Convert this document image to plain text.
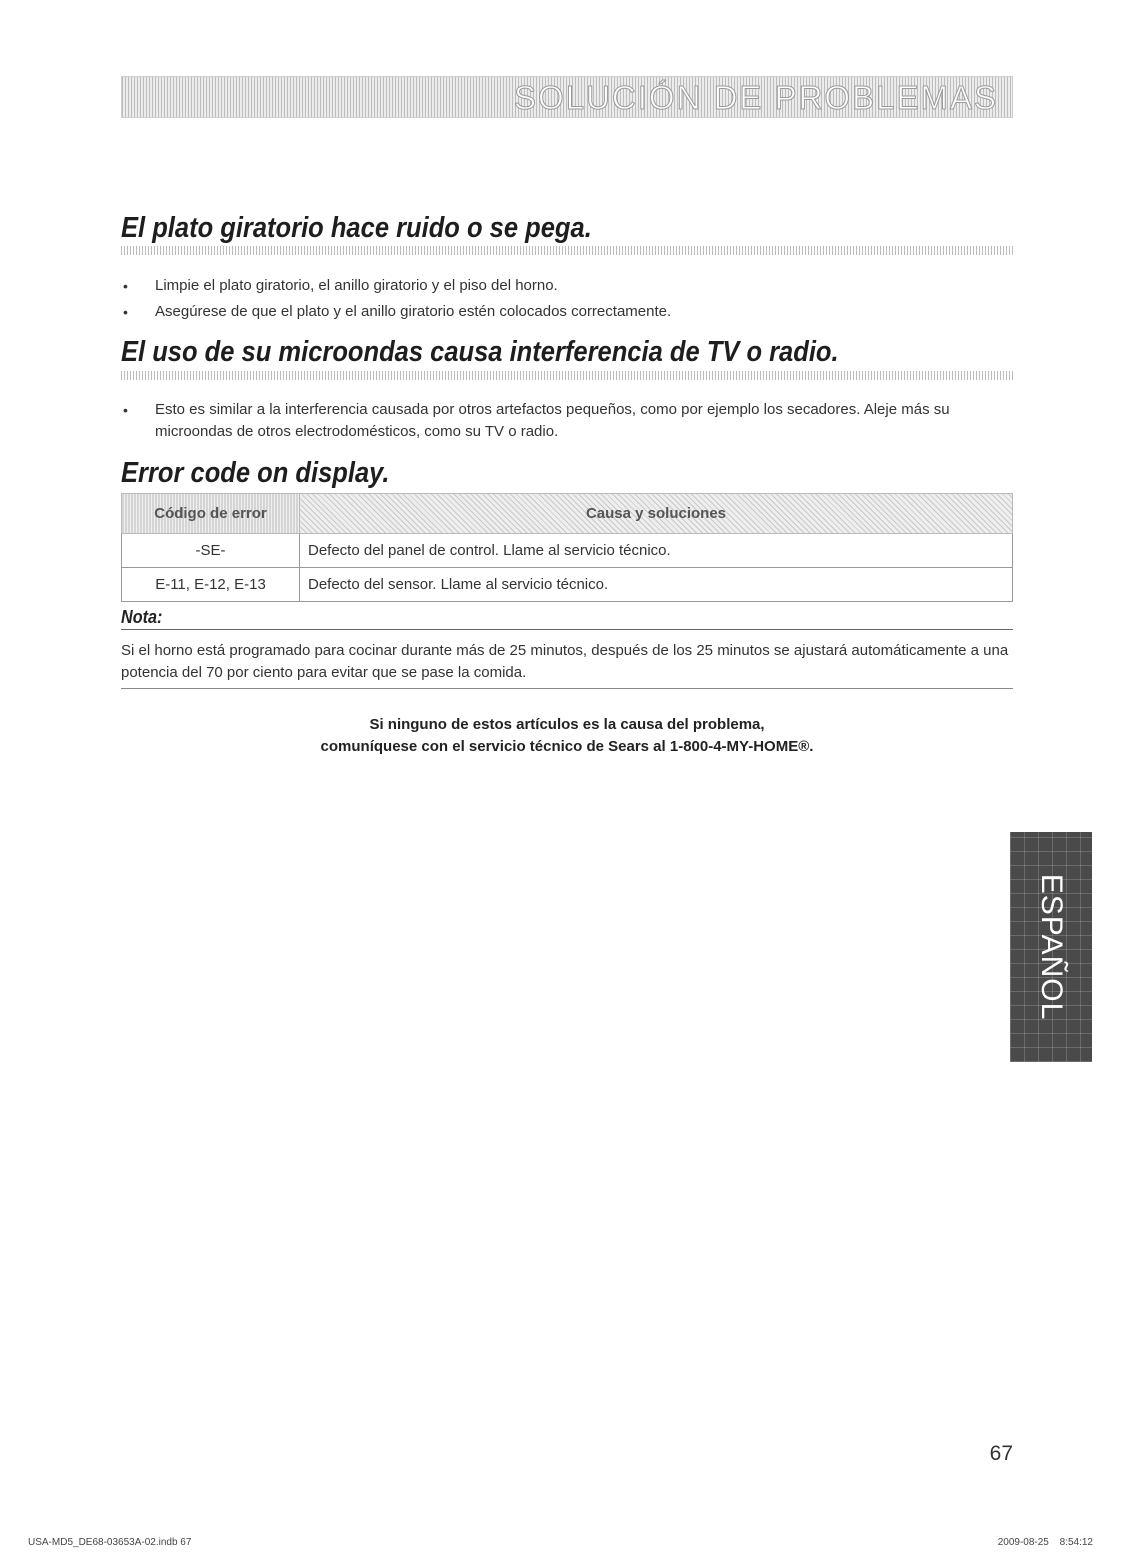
SOLUCIÓN DE PROBLEMAS
El plato giratorio hace ruido o se pega.
• Limpie el plato giratorio, el anillo giratorio y el piso del horno.
• Asegúrese de que el plato y el anillo giratorio estén colocados correctamente.
El uso de su microondas causa interferencia de TV o radio.
• Esto es similar a la interferencia causada por otros artefactos pequeños, como por ejemplo los secadores. Aleje más su microondas de otros electrodomésticos, como su TV o radio.
Error code on display.
Código de error	Causa y soluciones
-SE-	Defecto del panel de control. Llame al servicio técnico.
E-11, E-12, E-13	Defecto del sensor. Llame al servicio técnico.
Nota:

Si el horno está programado para cocinar durante más de 25 minutos, después de los 25 minutos se ajustará automáticamente a una potencia del 70 por ciento para evitar que se pase la comida.

Si ninguno de estos artículos es la causa del problema,
comuníquese con el servicio técnico de Sears al 1-800-4-MY-HOME®.
ESPAÑOL
67
USA-MD5_DE68-03653A-02.indb 67	2009-08-25 8:54:12
